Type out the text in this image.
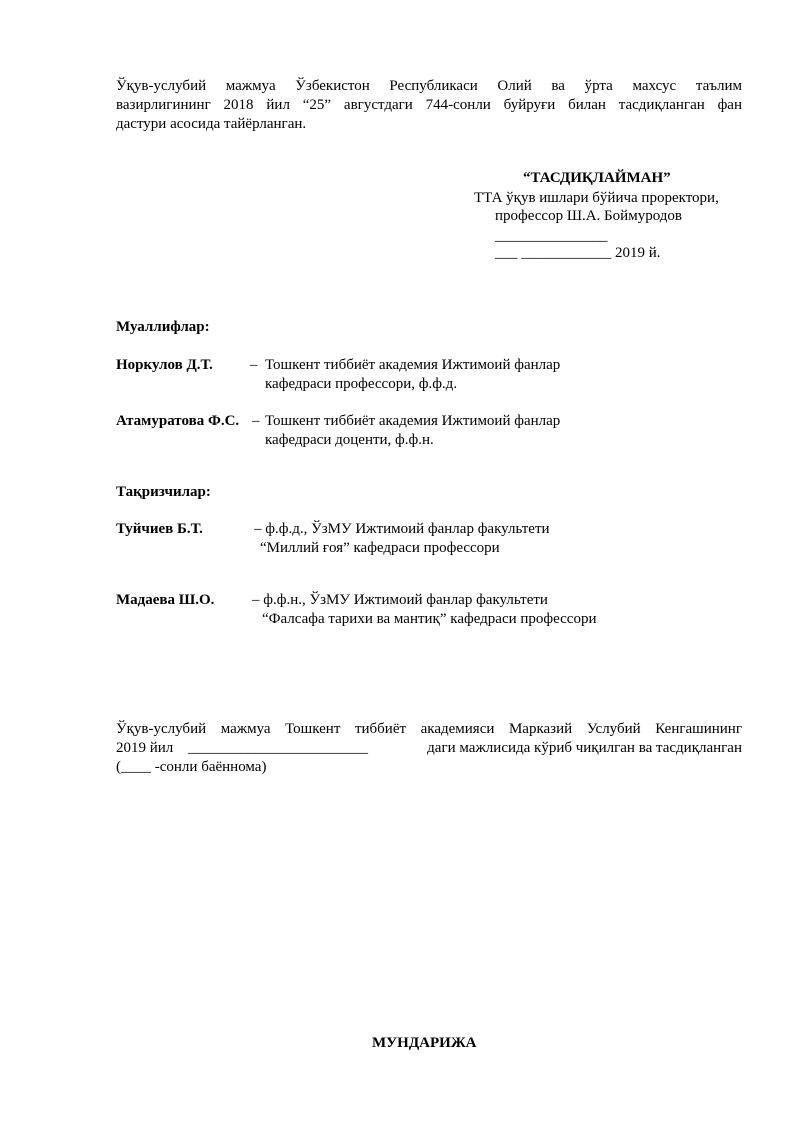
Ўқув-услубий мажмуа Ўзбекистон Республикаси Олий ва ўрта махсус таълим
вазирлигининг 2018 йил “25” августдаги 744-сонли буйруғи билан тасдиқланган фан
дастури асосида тайёрланган.
“ТАСДИҚЛАЙМАН”
ТТА ўқув ишлари бўйича проректори,
профессор Ш.А. Боймуродов
_______________
___ ____________ 2019 й.
Муаллифлар:
Норкулов Д.Т. – Тошкент тиббиёт академия Ижтимоий фанлар
кафедраси профессори, ф.ф.д.
Атамуратова Ф.С. – Тошкент тиббиёт академия Ижтимоий фанлар
кафедраси доценти, ф.ф.н.
Тақризчилар:
Туйчиев Б.Т.	– ф.ф.д., ЎзМУ Ижтимоий фанлар факультети
“Миллий ғоя” кафедраси профессори
Мадаева Ш.О.	– ф.ф.н., ЎзМУ Ижтимоий фанлар факультети
“Фалсафа тарихи ва мантиқ” кафедраси профессори
Ўқув-услубий мажмуа Тошкент тиббиёт академияси Марказий Услубий Кенгашининг
2019 йил ________________________	даги мажлисида кўриб чиқилган ва тасдиқланган
(____ -сонли баённома)
МУНДАРИЖА
